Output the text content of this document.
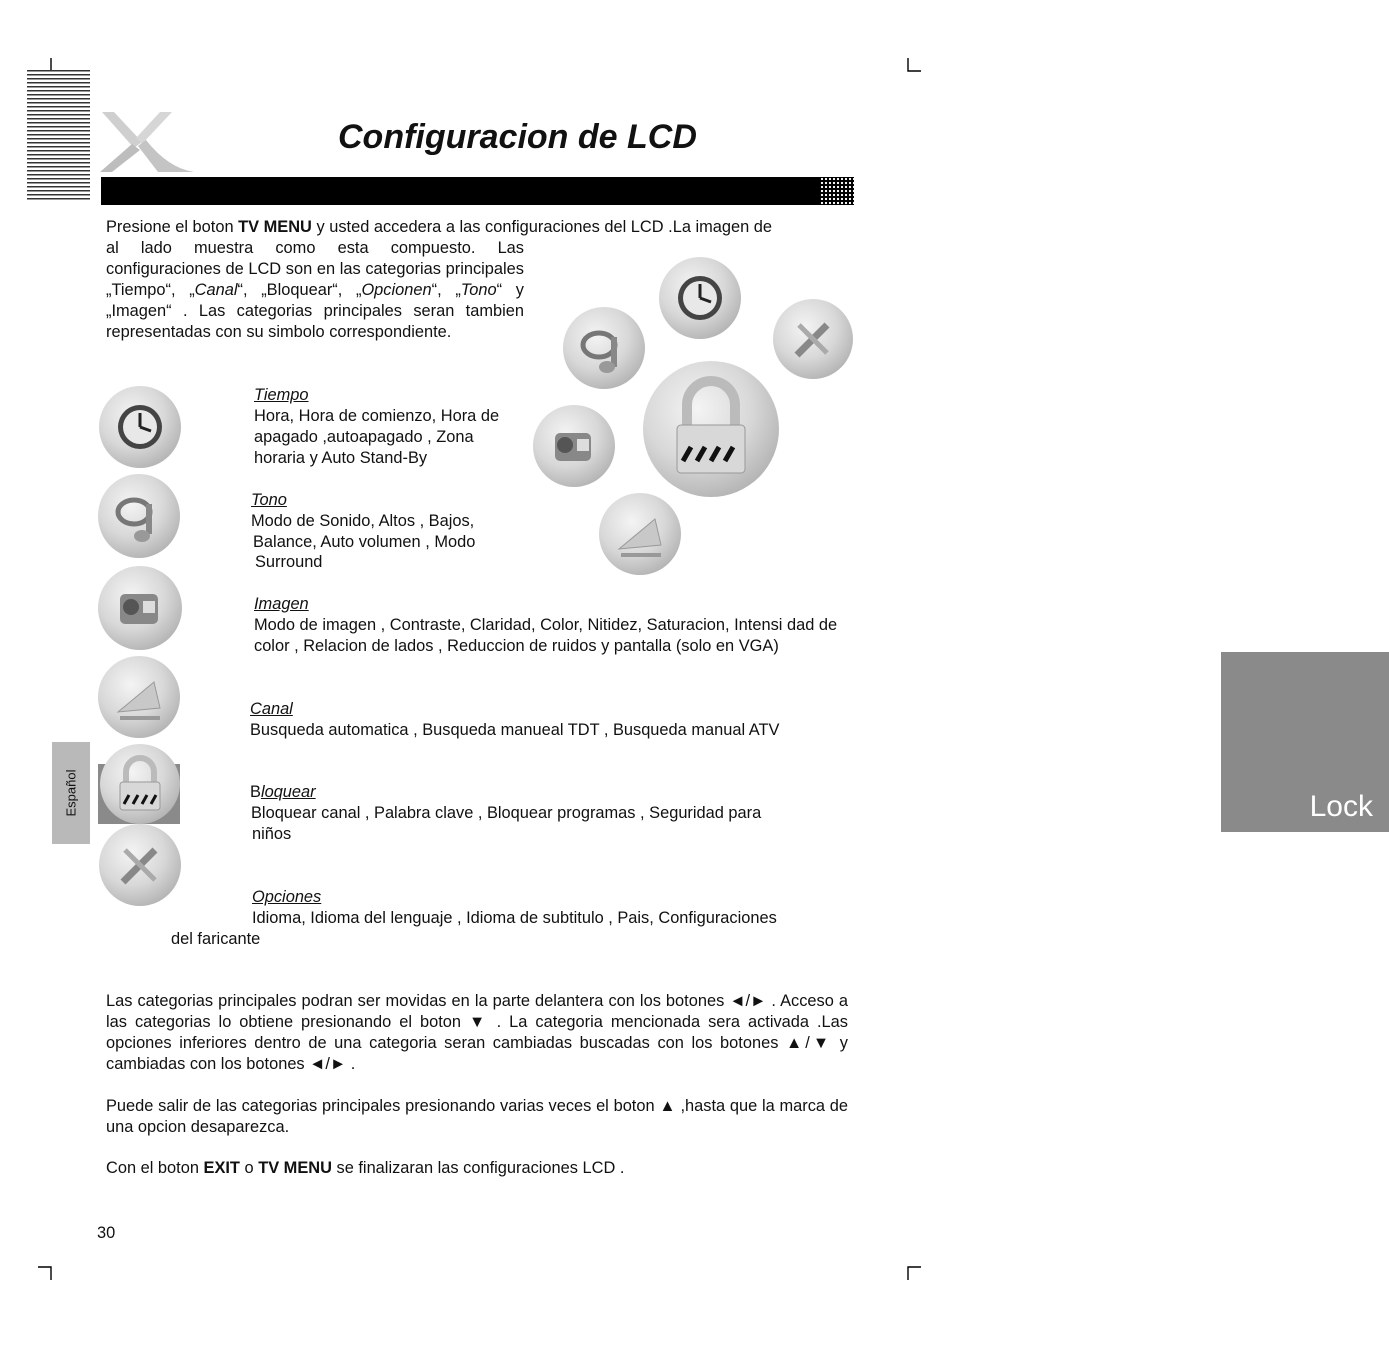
Configuracion de LCD
Español
Presione el boton TV MENU y usted accedera a las configuraciones del LCD .La imagen de
al lado muestra como esta compuesto. Las configuraciones de LCD son en las categorias principales „Tiempo“, „Canal“, „Bloquear“, „Opcionen“, „Tono“ y „Imagen“ . Las categorias principales seran tambien representadas con su simbolo correspondiente.
Lock
Tiempo
Hora, Hora de comienzo, Hora de apagado ,autoapagado , Zona horaria y Auto Stand-By
Tono
Modo de Sonido, Altos , Bajos,
Balance, Auto volumen , Modo
Surround
Imagen
Modo de imagen , Contraste, Claridad, Color, Nitidez, Saturacion, Intensi dad de color , Relacion de lados , Reduccion de ruidos y pantalla (solo en VGA)
Canal
Busqueda automatica , Busqueda manueal TDT , Busqueda manual ATV
Bloquear
Bloquear canal , Palabra clave , Bloquear programas , Seguridad para
niños
Opciones
Idioma, Idioma del lenguaje , Idioma de subtitulo , Pais, Configuraciones
del faricante
Las categorias principales podran ser movidas en la parte delantera con los botones ◄/► . Acceso a las categorias lo obtiene presionando el boton ▼ . La categoria mencionada sera activada .Las opciones inferiores dentro de una categoria seran cambiadas buscadas con los botones ▲/▼ y cambiadas con los botones ◄/► .
Puede salir de las categorias principales presionando varias veces el boton ▲ ,hasta que la marca de una opcion desaparezca.
Con el boton EXIT o TV MENU se finalizaran las configuraciones LCD .
30
